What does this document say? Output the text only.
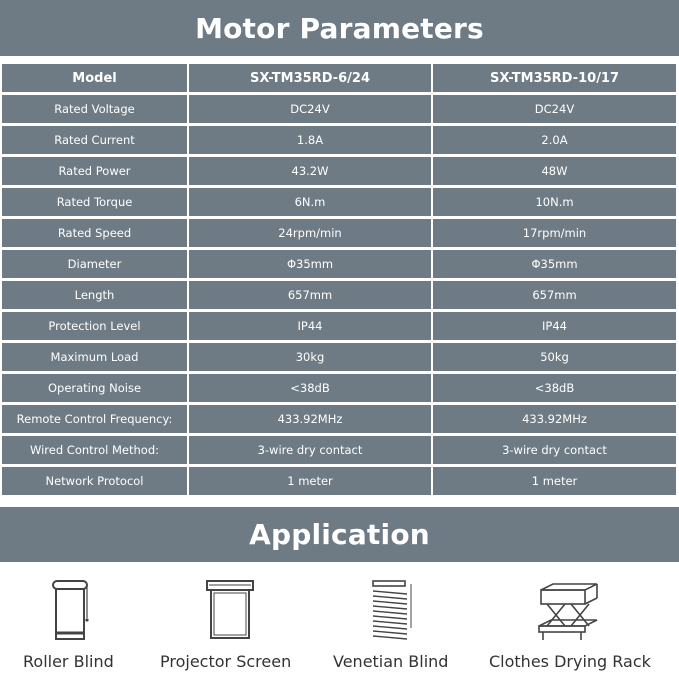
Motor Parameters
Model	SX-TM35RD-6/24	SX-TM35RD-10/17
Rated Voltage	DC24V	DC24V
Rated Current	1.8A	2.0A
Rated Power	43.2W	48W
Rated Torque	6N.m	10N.m
Rated Speed	24rpm/min	17rpm/min
Diameter	Φ35mm	Φ35mm
Length	657mm	657mm
Protection Level	IP44	IP44
Maximum Load	30kg	50kg
Operating Noise	<38dB	<38dB
Remote Control Frequency:	433.92MHz	433.92MHz
Wired Control Method:	3-wire dry contact	3-wire dry contact
Network Protocol	1 meter	1 meter
Application
Roller Blind	Projector Screen	Venetian Blind	Clothes Drying Rack
